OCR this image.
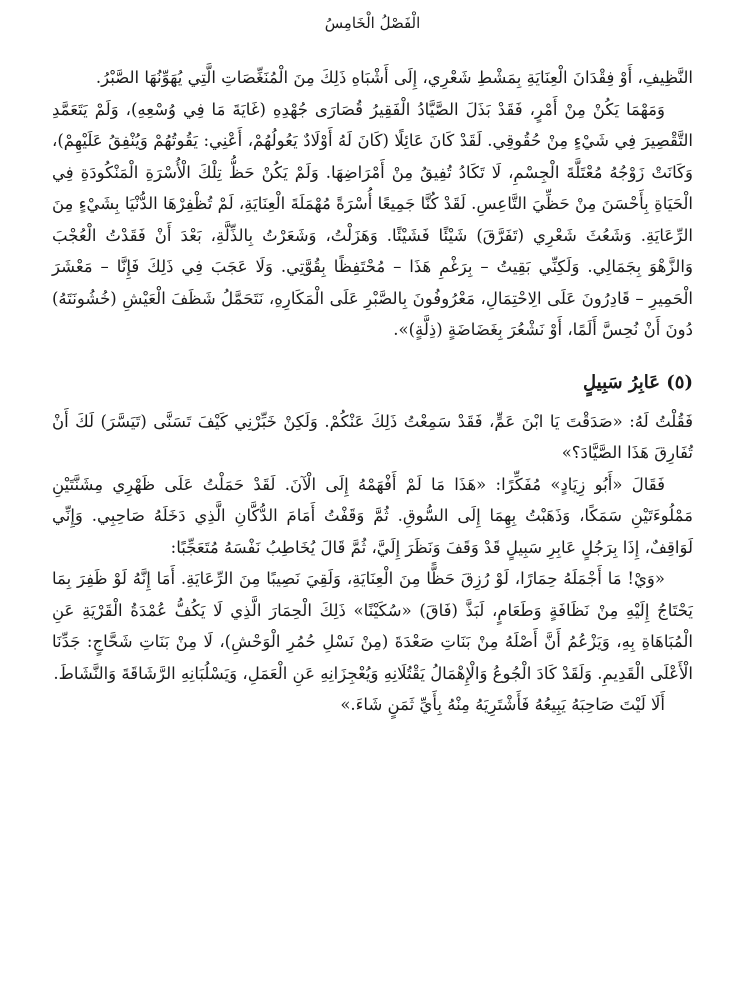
الْفَصْلُ الْخَامِسُ

النَّظِيفِ، أَوْ فِقْدَانَ الْعِنَايَةِ بِمَشْطِ شَعْرِي، إِلَى أَشْبَاهِ ذَلِكَ مِنَ الْمُنَغِّصَاتِ الَّتِي يُهَوِّنُهَا الصَّبْرُ.

وَمَهْمَا يَكُنْ مِنْ أَمْرٍ، فَقَدْ بَذَلَ الصَّيَّادُ الْفَقِيرُ قُصَارَى جُهْدِهِ (غَايَةَ مَا فِي وُسْعِهِ)، وَلَمْ يَتَعَمَّدِ التَّقْصِيرَ فِي شَيْءٍ مِنْ حُقُوقِي. لَقَدْ كَانَ عَائِلًا (كَانَ لَهُ أَوْلَادٌ يَعُولُهُمْ، أَعْنِي: يَقُوتُهُمْ وَيُنْفِقُ عَلَيْهِمْ)، وَكَانَتْ زَوْجُهُ مُعْتَلَّةَ الْجِسْمِ، لَا تَكَادُ تُفِيقُ مِنْ أَمْرَاضِهَا. وَلَمْ يَكُنْ حَظُّ تِلْكَ الْأُسْرَةِ الْمَنْكُودَةِ فِي الْحَيَاةِ بِأَحْسَنَ مِنْ حَظِّيَ التَّاعِسِ. لَقَدْ كُنَّا جَمِيعًا أُسْرَةً مُهْمَلَةَ الْعِنَايَةِ، لَمْ تُظْفِرْهَا الدُّنْيَا بِشَيْءٍ مِنَ الرِّعَايَةِ. وَشَعُثَ شَعْرِي (تَفَرَّقَ) شَيْئًا فَشَيْئًا. وَهَزَلْتُ، وَشَعَرْتُ بِالذِّلَّةِ، بَعْدَ أَنْ فَقَدْتُ الْعُجْبَ وَالزَّهْوَ بِجَمَالِي. وَلَكِنِّي بَقِيتُ – بِرَغْمِ هَذَا – مُحْتَفِظًا بِقُوَّتِي. وَلَا عَجَبَ فِي ذَلِكَ فَإِنَّا – مَعْشَرَ الْحَمِيرِ – قَادِرُونَ عَلَى الِاحْتِمَالِ، مَعْرُوفُونَ بِالصَّبْرِ عَلَى الْمَكَارِهِ، نَتَحَمَّلُ شَظَفَ الْعَيْشِ (خُشُونَتَهُ) دُونَ أَنْ نُحِسَّ أَلَمًا، أَوْ نَشْعُرَ بِغَضَاضَةٍ (ذِلَّةٍ)».

(٥) عَابِرُ سَبِيلٍ

فَقُلْتُ لَهُ: «صَدَقْتَ يَا ابْنَ عَمٍّ، فَقَدْ سَمِعْتُ ذَلِكَ عَنْكُمْ. وَلَكِنْ خَبِّرْنِي كَيْفَ تَسَنَّى (تَيَسَّرَ) لَكَ أَنْ تُفَارِقَ هَذَا الصَّيَّادَ؟»

فَقَالَ «أَبُو زِيَادٍ» مُفَكِّرًا: «هَذَا مَا لَمْ أَفْهَمْهُ إِلَى الْآنَ. لَقَدْ حَمَلْتُ عَلَى ظَهْرِي مِشَنَّتَيْنِ مَمْلُوءَتَيْنِ سَمَكًا، وَذَهَبْتُ بِهِمَا إِلَى السُّوقِ. ثُمَّ وَقَفْتُ أَمَامَ الدُّكَّانِ الَّذِي دَخَلَهُ صَاحِبِي. وَإِنِّي لَوَاقِفٌ، إِذَا بِرَجُلٍ عَابِرِ سَبِيلٍ قَدْ وَقَفَ وَنَظَرَ إِلَيَّ، ثُمَّ قَالَ يُخَاطِبُ نَفْسَهُ مُتَعَجِّبًا:

«وَيْ! مَا أَجْمَلَهُ حِمَارًا، لَوْ رُزِقَ حَظًّا مِنَ الْعِنَايَةِ، وَلَقِيَ نَصِيبًا مِنَ الرِّعَايَةِ. أَمَا إِنَّهُ لَوْ ظَفِرَ بِمَا يَحْتَاجُ إِلَيْهِ مِنْ نَظَافَةٍ وَطَعَامٍ، لَبَذَّ (فَاقَ) «سُكَيْنًا» ذَلِكَ الْحِمَارَ الَّذِي لَا يَكُفُّ عُمْدَةُ الْقَرْيَةِ عَنِ الْمُبَاهَاةِ بِهِ، وَيَزْعُمُ أَنَّ أَصْلَهُ مِنْ بَنَاتِ صَعْدَةَ (مِنْ نَسْلِ حُمُرِ الْوَحْشِ)، لَا مِنْ بَنَاتِ شَحَّاجٍ: جَدِّنَا الْأَعْلَى الْقَدِيمِ. وَلَقَدْ كَادَ الْجُوعُ وَالْإِهْمَالُ يَقْتُلَانِهِ وَيُعْجِزَانِهِ عَنِ الْعَمَلِ، وَيَسْلُبَانِهِ الرَّشَاقَةَ وَالنَّشَاطَ.

أَلَا لَيْتَ صَاحِبَهُ يَبِيعُهُ فَأَشْتَرِيَهُ مِنْهُ بِأَيِّ ثَمَنٍ شَاءَ.»
